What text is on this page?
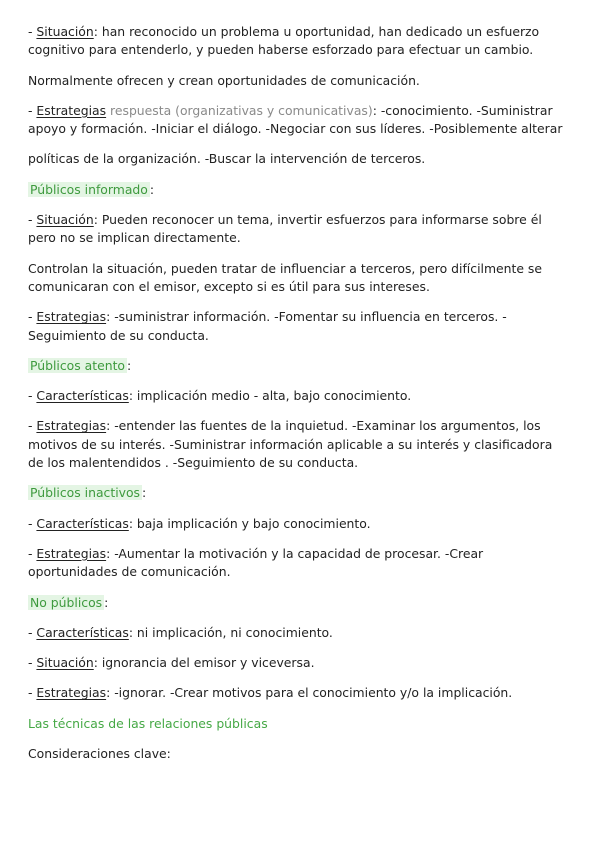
- Situación: han reconocido un problema u oportunidad, han dedicado un esfuerzo cognitivo para entenderlo, y pueden haberse esforzado para efectuar un cambio.

Normalmente ofrecen y crean oportunidades de comunicación.

- Estrategias respuesta (organizativas y comunicativas): -conocimiento. -Suministrar apoyo y formación. -Iniciar el diálogo. -Negociar con sus líderes. -Posiblemente alterar

políticas de la organización. -Buscar la intervención de terceros.

Públicos informado :

- Situación: Pueden reconocer un tema, invertir esfuerzos para informarse sobre él pero no se implican directamente.

Controlan la situación, pueden tratar de influenciar a terceros, pero difícilmente se comunicaran con el emisor, excepto si es útil para sus intereses.

- Estrategias: -suministrar información. -Fomentar su influencia en terceros. -Seguimiento de su conducta.

Públicos atento :

- Características: implicación medio - alta, bajo conocimiento.

- Estrategias: -entender las fuentes de la inquietud. -Examinar los argumentos, los motivos de su interés. -Suministrar información aplicable a su interés y clasificadora de los malentendidos . -Seguimiento de su conducta.

Públicos inactivos :

- Características: baja implicación y bajo conocimiento.

- Estrategias: -Aumentar la motivación y la capacidad de procesar. -Crear oportunidades de comunicación.

No públicos :

- Características: ni implicación, ni conocimiento.

- Situación: ignorancia del emisor y viceversa.

- Estrategias: -ignorar. -Crear motivos para el conocimiento y/o la implicación.

Las técnicas de las relaciones públicas

Consideraciones clave:
